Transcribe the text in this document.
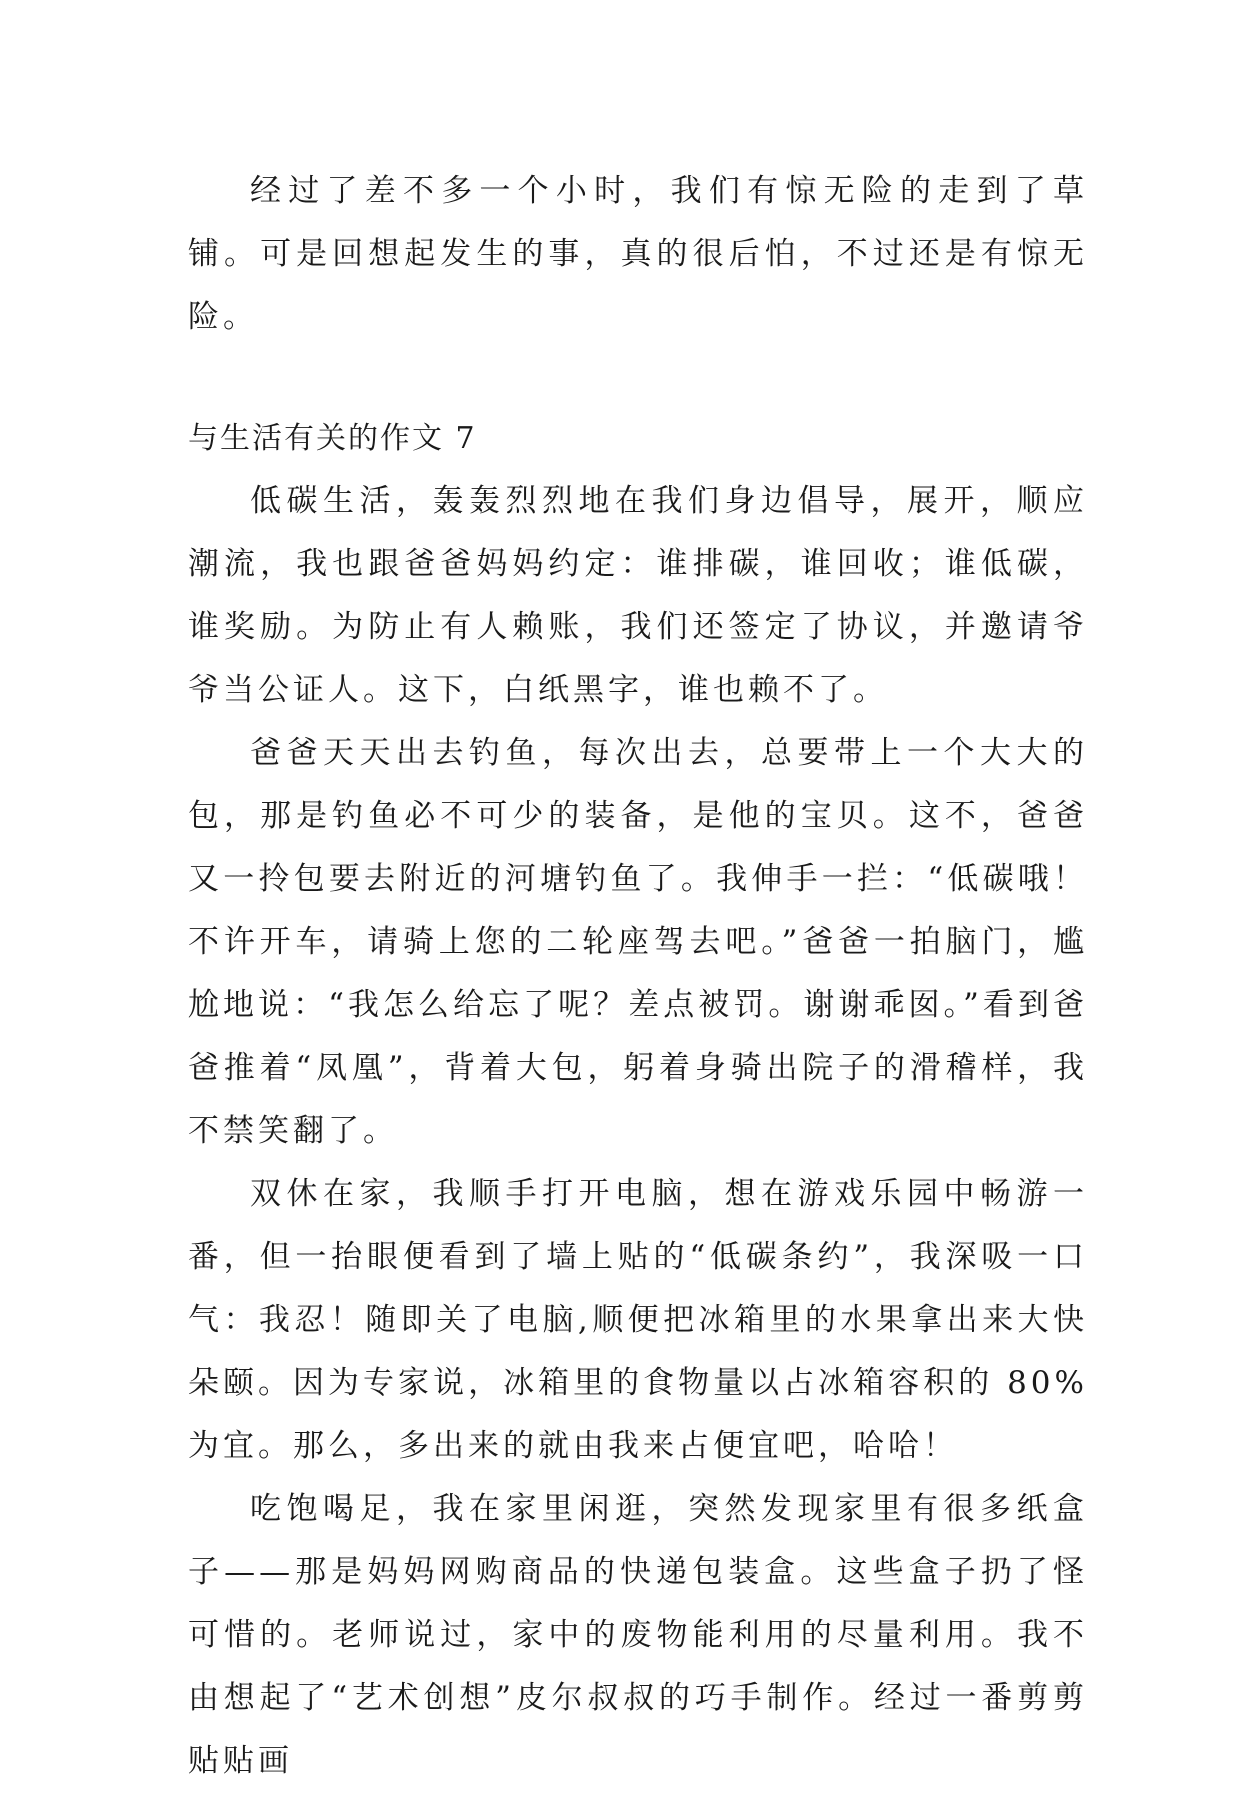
经过了差不多一个小时，我们有惊无险的走到了草铺。可是回想起发生的事，真的很后怕，不过还是有惊无险。

与生活有关的作文 7

低碳生活，轰轰烈烈地在我们身边倡导，展开，顺应潮流，我也跟爸爸妈妈约定：谁排碳，谁回收；谁低碳，谁奖励。为防止有人赖账，我们还签定了协议，并邀请爷爷当公证人。这下，白纸黑字，谁也赖不了。

爸爸天天出去钓鱼，每次出去，总要带上一个大大的包，那是钓鱼必不可少的装备，是他的宝贝。这不，爸爸又一拎包要去附近的河塘钓鱼了。我伸手一拦：“低碳哦！不许开车，请骑上您的二轮座驾去吧。”爸爸一拍脑门，尴尬地说：“我怎么给忘了呢？差点被罚。谢谢乖囡。”看到爸爸推着“凤凰”，背着大包，躬着身骑出院子的滑稽样，我不禁笑翻了。

双休在家，我顺手打开电脑，想在游戏乐园中畅游一番，但一抬眼便看到了墙上贴的“低碳条约”，我深吸一口气：我忍！随即关了电脑,顺便把冰箱里的水果拿出来大快朵颐。因为专家说，冰箱里的食物量以占冰箱容积的 80%为宜。那么，多出来的就由我来占便宜吧，哈哈！

吃饱喝足，我在家里闲逛，突然发现家里有很多纸盒子——那是妈妈网购商品的快递包装盒。这些盒子扔了怪可惜的。老师说过，家中的废物能利用的尽量利用。我不由想起了“艺术创想”皮尔叔叔的巧手制作。经过一番剪剪贴贴画
